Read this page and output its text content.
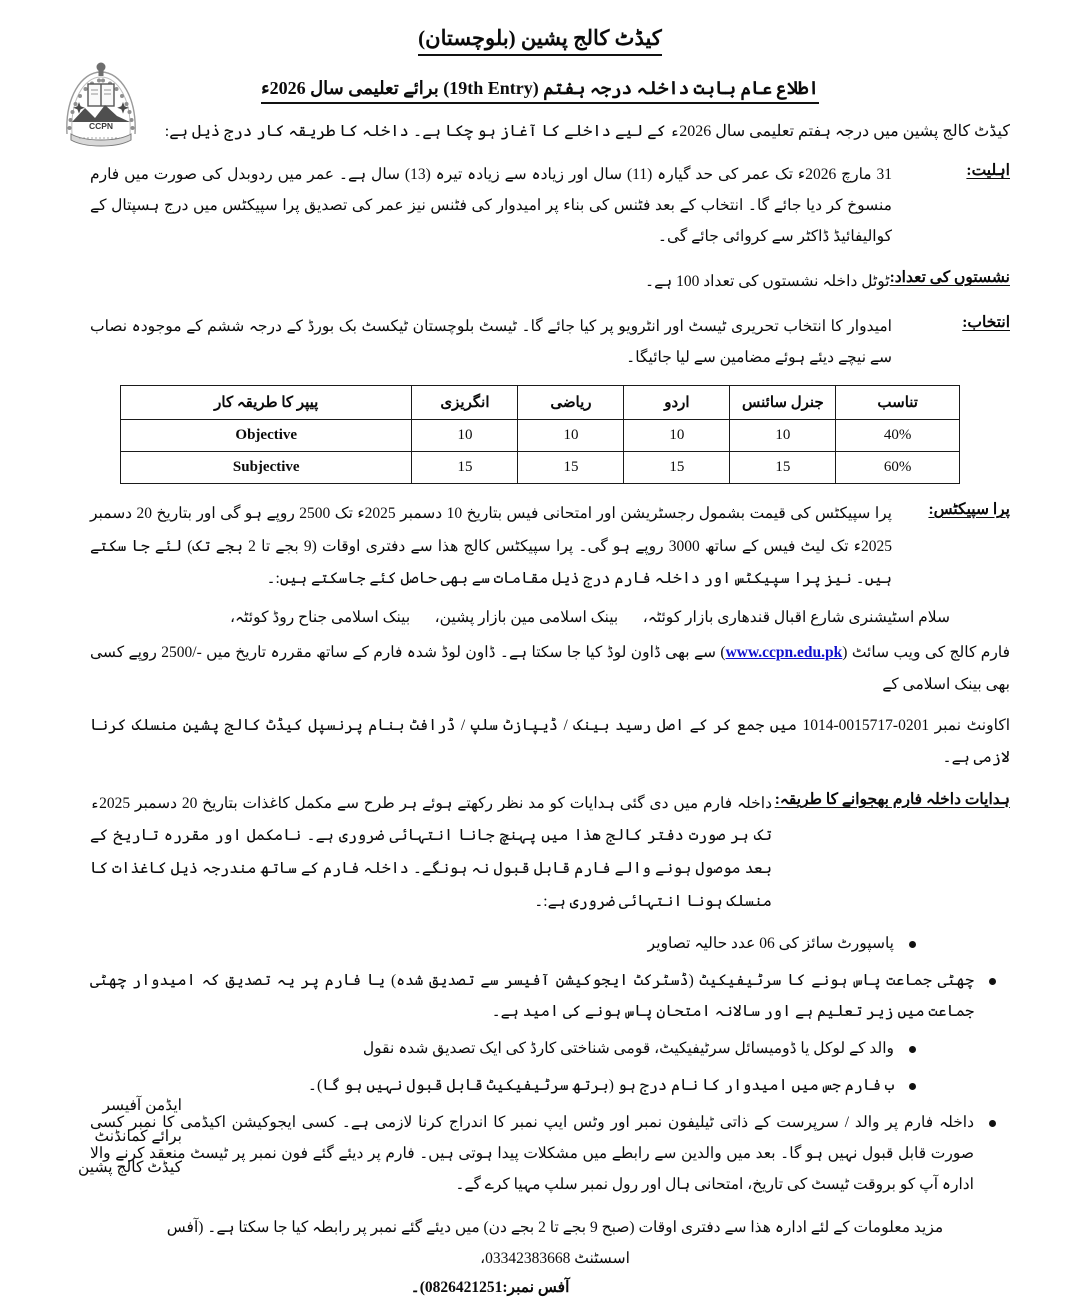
CCPN
کیڈٹ کالج پشین (بلوچستان)
اطلاع عام بابت داخلہ درجہ ہفتم (19th Entry) برائے تعلیمی سال 2026ء
کیڈٹ کالج پشین میں درجہ ہفتم تعلیمی سال 2026ء کے لیے داخلے کا آغاز ہو چکا ہے۔ داخلہ کا طریقہ کار درج ذیل ہے:
اہلیت:
31 مارچ 2026ء تک عمر کی حد گیارہ (11) سال اور زیادہ سے زیادہ تیرہ (13) سال ہے۔ عمر میں ردوبدل کی صورت میں فارم منسوخ کر دیا جائے گا۔ انتخاب کے بعد فٹنس کی بناء پر امیدوار کی فٹنس نیز عمر کی تصدیق پرا سپیکٹس میں درج ہسپتال کے کوالیفائیڈ ڈاکٹر سے کروائی جائے گی۔
نشستوں کی تعداد:
ٹوٹل داخلہ نشستوں کی تعداد 100 ہے۔
انتخاب:
امیدوار کا انتخاب تحریری ٹیسٹ اور انٹرویو پر کیا جائے گا۔ ٹیسٹ بلوچستان ٹیکسٹ بک بورڈ کے درجہ ششم کے موجودہ نصاب سے نیچے دیئے ہوئے مضامین سے لیا جائیگا۔
تناسب	جنرل سائنس	اردو	ریاضی	انگریزی	پیپر کا طریقہ کار
40%	10	10	10	10	Objective
60%	15	15	15	15	Subjective
پرا سپیکٹس:
پرا سپیکٹس کی قیمت بشمول رجسٹریشن اور امتحانی فیس بتاریخ 10 دسمبر 2025ء تک 2500 روپے ہو گی اور بتاریخ 20 دسمبر 2025ء تک لیٹ فیس کے ساتھ 3000 روپے ہو گی۔ پرا سپیکٹس کالج ھذا سے دفتری اوقات (9 بجے تا 2 بجے تک) لئے جا سکتے ہیں۔ نیز پرا سپیکٹس اور داخلہ فارم درج ذیل مقامات سے بھی حاصل کئے جاسکتے ہیں:۔
سلام اسٹیشنری شارع اقبال قندھاری بازار کوئٹہ،
بینک اسلامی مین بازار پشین،
بینک اسلامی جناح روڈ کوئٹہ،
فارم کالج کی ویب سائٹ (www.ccpn.edu.pk) سے بھی ڈاون لوڈ کیا جا سکتا ہے۔ ڈاون لوڈ شدہ فارم کے ساتھ مقررہ تاریخ میں -/2500 روپے کسی بھی بینک اسلامی کے
اکاونٹ نمبر 0201-0015717-1014 میں جمع کر کے اصل رسید بینک / ڈیپازٹ سلپ / ڈرافٹ بنام پرنسپل کیڈٹ کالج پشین منسلک کرنا لازمی ہے۔
ہدایات داخلہ فارم بھجوانے کا طریقہ:
داخلہ فارم میں دی گئی ہدایات کو مد نظر رکھتے ہوئے ہر طرح سے مکمل کاغذات بتاریخ 20 دسمبر 2025ء تک ہر صورت دفتر کالج ھذا میں پہنچ جانا انتہائی ضروری ہے۔ نامکمل اور مقررہ تاریخ کے بعد موصول ہونے والے فارم قابل قبول نہ ہونگے۔ داخلہ فارم کے ساتھ مندرجہ ذیل کاغذات کا منسلک ہونا انتہائی ضروری ہے:۔
پاسپورٹ سائز کی 06 عدد حالیہ تصاویر
چھٹی جماعت پاس ہونے کا سرٹیفیکیٹ (ڈسٹرکٹ ایجوکیشن آفیسر سے تصدیق شدہ) یا فارم پر یہ تصدیق کہ امیدوار چھٹی جماعت میں زیر تعلیم ہے اور سالانہ امتحان پاس ہونے کی امید ہے۔
والد کے لوکل یا ڈومیسائل سرٹیفیکیٹ، قومی شناختی کارڈ کی ایک تصدیق شدہ نقول
ب فارم جس میں امیدوار کا نام درج ہو (برتھ سرٹیفیکیٹ قابل قبول نہیں ہو گا)۔
داخلہ فارم پر والد / سرپرست کے ذاتی ٹیلیفون نمبر اور وٹس ایپ نمبر کا اندراج کرنا لازمی ہے۔ کسی ایجوکیشن اکیڈمی کا نمبر کسی صورت قابل قبول نہیں ہو گا۔ بعد میں والدین سے رابطے میں مشکلات پیدا ہوتی ہیں۔ فارم پر دیئے گئے فون نمبر پر ٹیسٹ منعقد کرنے والا ادارہ آپ کو بروقت ٹیسٹ کی تاریخ، امتحانی ہال اور رول نمبر سلپ مہیا کرے گے۔
مزید معلومات کے لئے ادارہ ھذا سے دفتری اوقات (صبح 9 بجے تا 2 بجے دن) میں دیئے گئے نمبر پر رابطہ کیا جا سکتا ہے۔ (آفس اسسٹنٹ 03342383668،
آفس نمبر:0826421251)۔
ایڈمن آفیسر
برائے کمانڈنٹ
کیڈٹ کالج پشین
